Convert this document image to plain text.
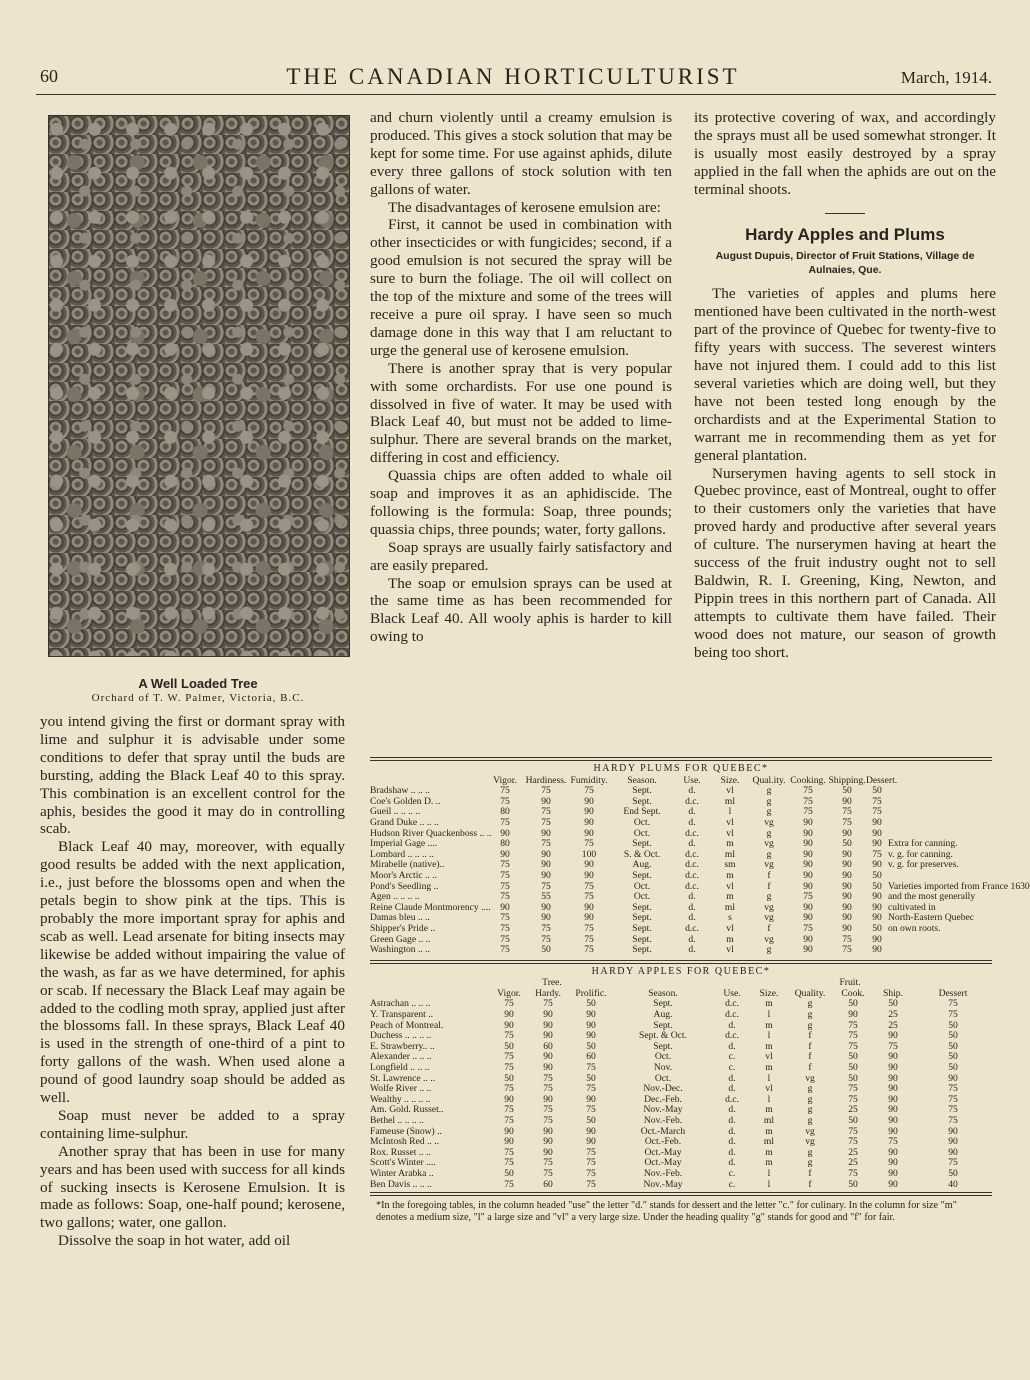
60	THE CANADIAN HORTICULTURIST	March, 1914.
A Well Loaded Tree
Orchard of T. W. Palmer, Victoria, B.C.

you intend giving the first or dormant spray with lime and sulphur it is advisable under some conditions to defer that spray until the buds are bursting, adding the Black Leaf 40 to this spray. This combination is an excellent control for the aphis, besides the good it may do in controlling scab.

Black Leaf 40 may, moreover, with equally good results be added with the next application, i.e., just before the blossoms open and when the petals begin to show pink at the tips. This is probably the more important spray for aphis and scab as well. Lead arsenate for biting insects may likewise be added without impairing the value of the wash, as far as we have determined, for aphis or scab. If necessary the Black Leaf may again be added to the codling moth spray, applied just after the blossoms fall. In these sprays, Black Leaf 40 is used in the strength of one-third of a pint to forty gallons of the wash. When used alone a pound of good laundry soap should be added as well.

Soap must never be added to a spray containing lime-sulphur.

Another spray that has been in use for many years and has been used with success for all kinds of sucking insects is Kerosene Emulsion. It is made as follows: Soap, one-half pound; kerosene, two gallons; water, one gallon.

Dissolve the soap in hot water, add oil

and churn violently until a creamy emulsion is produced. This gives a stock solution that may be kept for some time. For use against aphids, dilute every three gallons of stock solution with ten gallons of water.

The disadvantages of kerosene emulsion are:

First, it cannot be used in combination with other insecticides or with fungicides; second, if a good emulsion is not secured the spray will be sure to burn the foliage. The oil will collect on the top of the mixture and some of the trees will receive a pure oil spray. I have seen so much damage done in this way that I am reluctant to urge the general use of kerosene emulsion.

There is another spray that is very popular with some orchardists. For use one pound is dissolved in five of water. It may be used with Black Leaf 40, but must not be added to lime-sulphur. There are several brands on the market, differing in cost and efficiency.

Quassia chips are often added to whale oil soap and improves it as an aphidiscide. The following is the formula: Soap, three pounds; quassia chips, three pounds; water, forty gallons.

Soap sprays are usually fairly satisfactory and are easily prepared.

The soap or emulsion sprays can be used at the same time as has been recommended for Black Leaf 40. All wooly aphis is harder to kill owing to

its protective covering of wax, and accordingly the sprays must all be used somewhat stronger. It is usually most easily destroyed by a spray applied in the fall when the aphids are out on the terminal shoots.

Hardy Apples and Plums
August Dupuis, Director of Fruit Stations, Village de Aulnaies, Que.

The varieties of apples and plums here mentioned have been cultivated in the north-west part of the province of Quebec for twenty-five to fifty years with success. The severest winters have not injured them. I could add to this list several varieties which are doing well, but they have not been tested long enough by the orchardists and at the Experimental Station to warrant me in recommending them as yet for general plantation.

Nurserymen having agents to sell stock in Quebec province, east of Montreal, ought to offer to their customers only the varieties that have proved hardy and productive after several years of culture. The nurserymen having at heart the success of the fruit industry ought not to sell Baldwin, R. I. Greening, King, Newton, and Pippin trees in this northern part of Canada. All attempts to cultivate them have failed. Their wood does not mature, our season of growth being too short.

HARDY PLUMS FOR QUEBEC*
	Vigor.	Hardiness.	Fumidity.	Season.	Use.	Size.	Qual.ity.	Cooking.	Shipping.	Dessert.	
Bradshaw .. .. ..	75	75	75	Sept.	d.	vl	g	75	50	50	
Coe's Golden D. ..	75	90	90	Sept.	d.c.	ml	g	75	90	75	
Gueil .. .. .. ..	80	75	90	End Sept.	d.	l	g	75	75	75	
Grand Duke .. .. ..	75	75	90	Oct.	d.	vl	vg	90	75	90	
Hudson River Quackenboss .. ..	90	90	90	Oct.	d.c.	vl	g	90	90	90	
Imperial Gage ....	80	75	75	Sept.	d.	m	vg	90	50	90	Extra for canning.
Lombard .. .. .. ..	90	90	100	S. & Oct.	d.c.	ml	g	90	90	75	v. g. for canning.
Mirabelle (native)..	75	90	90	Aug.	d.c.	sm	vg	90	90	90	v. g. for preserves.
Moor's Arctic .. ..	75	90	90	Sept.	d.c.	m	f	90	90	50	
Pond's Seedling ..	75	75	75	Oct.	d.c.	vl	f	90	90	50	Varieties imported from France 1630
Agen .. .. .. ..	75	55	75	Oct.	d.	m	g	75	90	90	and the most generally
Reine Claude Montmorency ....	90	90	90	Sept.	d.	ml	vg	90	90	90	cultivated in
Damas bleu .. ..	75	90	90	Sept.	d.	s	vg	90	90	90	North-Eastern Quebec
Shipper's Pride ..	75	75	75	Sept.	d.c.	vl	f	75	90	50	on own roots.
Green Gage .. ..	75	75	75	Sept.	d.	m	vg	90	75	90	
Washington .. ..	75	50	75	Sept.	d.	vl	g	90	75	90	
HARDY APPLES FOR QUEBEC*
	Tree.						Fruit.			
	Vigor.	Hardy.	Prolific.	Season.	Use.	Size.	Quality.	Cook.	Ship.	Dessert
Astrachan .. .. ..	75	75	50	Sept.	d.c.	m	g	50	50	75
Y. Transparent ..	90	90	90	Aug.	d.c.	l	g	90	25	75
Peach of Montreal.	90	90	90	Sept.	d.	m	g	75	25	50
Duchess .. .. .. ..	75	90	90	Sept. & Oct.	d.c.	l	f	75	90	50
E. Strawberry.. ..	50	60	50	Sept.	d.	m	f	75	75	50
Alexander .. .. ..	75	90	60	Oct.	c.	vl	f	50	90	50
Longfield .. .. ..	75	90	75	Nov.	c.	m	f	50	90	50
St. Lawrence .. ..	50	75	50	Oct.	d.	l	vg	50	90	90
Wolfe River .. ..	75	75	75	Nov.-Dec.	d.	vl	g	75	90	75
Wealthy .. .. .. ..	90	90	90	Dec.-Feb.	d.c.	l	g	75	90	75
Am. Gold. Russet..	75	75	75	Nov.-May	d.	m	g	25	90	75
Bethel .. .. .. ..	75	75	50	Nov.-Feb.	d.	ml	g	50	90	75
Fameuse (Snow) ..	90	90	90	Oct.-March	d.	m	vg	75	90	90
McIntosh Red .. ..	90	90	90	Oct.-Feb.	d.	ml	vg	75	75	90
Rox. Russet .. ..	75	90	75	Oct.-May	d.	m	g	25	90	90
Scott's Winter ....	75	75	75	Oct.-May	d.	m	g	25	90	75
Winter Arabka ..	50	75	75	Nov.-Feb.	c.	l	f	75	90	50
Ben Davis .. .. ..	75	60	75	Nov.-May	c.	l	f	50	90	40
*In the foregoing tables, in the column headed "use" the letter "d." stands for dessert and the letter "c." for culinary. In the column for size "m" denotes a medium size, "l" a large size and "vl" a very large size. Under the heading quality "g" stands for good and "f" for fair.
